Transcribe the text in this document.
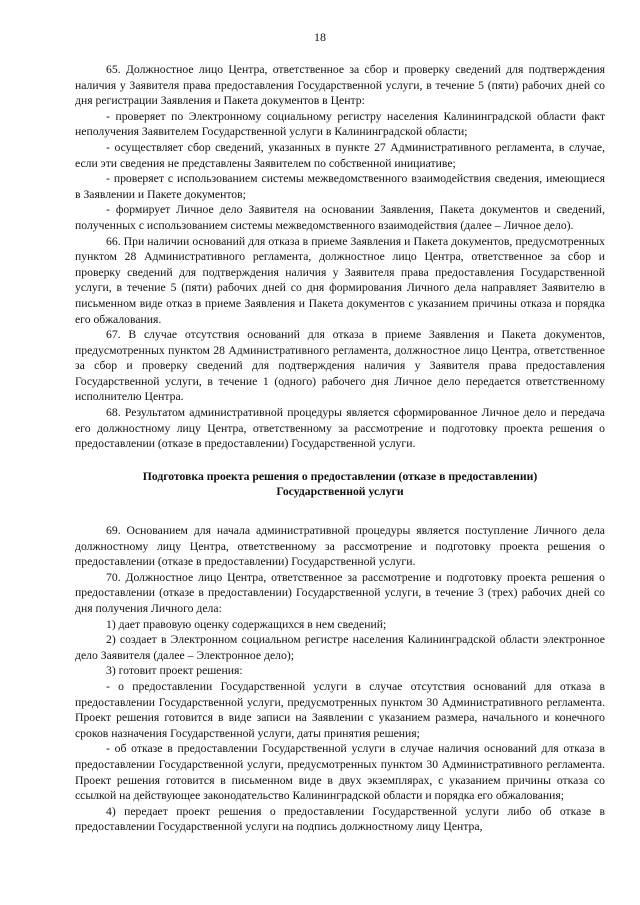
18

65. Должностное лицо Центра, ответственное за сбор и проверку сведений для подтверждения наличия у Заявителя права предоставления Государственной услуги, в течение 5 (пяти) рабочих дней со дня регистрации Заявления и Пакета документов в Центр:

- проверяет по Электронному социальному регистру населения Калининградской области факт неполучения Заявителем Государственной услуги в Калининградской области;

- осуществляет сбор сведений, указанных в пункте 27 Административного регламента, в случае, если эти сведения не представлены Заявителем по собственной инициативе;

- проверяет с использованием системы межведомственного взаимодействия сведения, имеющиеся в Заявлении и Пакете документов;

- формирует Личное дело Заявителя на основании Заявления, Пакета документов и сведений, полученных с использованием системы межведомственного взаимодействия (далее – Личное дело).

66. При наличии оснований для отказа в приеме Заявления и Пакета документов, предусмотренных пунктом 28 Административного регламента, должностное лицо Центра, ответственное за сбор и проверку сведений для подтверждения наличия у Заявителя права предоставления Государственной услуги, в течение 5 (пяти) рабочих дней со дня формирования Личного дела направляет Заявителю в письменном виде отказ в приеме Заявления и Пакета документов с указанием причины отказа и порядка его обжалования.

67. В случае отсутствия оснований для отказа в приеме Заявления и Пакета документов, предусмотренных пунктом 28 Административного регламента, должностное лицо Центра, ответственное за сбор и проверку сведений для подтверждения наличия у Заявителя права предоставления Государственной услуги, в течение 1 (одного) рабочего дня Личное дело передается ответственному исполнителю Центра.

68. Результатом административной процедуры является сформированное Личное дело и передача его должностному лицу Центра, ответственному за рассмотрение и подготовку проекта решения о предоставлении (отказе в предоставлении) Государственной услуги.

Подготовка проекта решения о предоставлении (отказе в предоставлении) Государственной услуги

69. Основанием для начала административной процедуры является поступление Личного дела должностному лицу Центра, ответственному за рассмотрение и подготовку проекта решения о предоставлении (отказе в предоставлении) Государственной услуги.

70. Должностное лицо Центра, ответственное за рассмотрение и подготовку проекта решения о предоставлении (отказе в предоставлении) Государственной услуги, в течение 3 (трех) рабочих дней со дня получения Личного дела:

1) дает правовую оценку содержащихся в нем сведений;

2) создает в Электронном социальном регистре населения Калининградской области электронное дело Заявителя (далее – Электронное дело);

3) готовит проект решения:

- о предоставлении Государственной услуги в случае отсутствия оснований для отказа в предоставлении Государственной услуги, предусмотренных пунктом 30 Административного регламента. Проект решения готовится в виде записи на Заявлении с указанием размера, начального и конечного сроков назначения Государственной услуги, даты принятия решения;

- об отказе в предоставлении Государственной услуги в случае наличия оснований для отказа в предоставлении Государственной услуги, предусмотренных пунктом 30 Административного регламента. Проект решения готовится в письменном виде в двух экземплярах, с указанием причины отказа со ссылкой на действующее законодательство Калининградской области и порядка его обжалования;

4) передает проект решения о предоставлении Государственной услуги либо об отказе в предоставлении Государственной услуги на подпись должностному лицу Центра,
